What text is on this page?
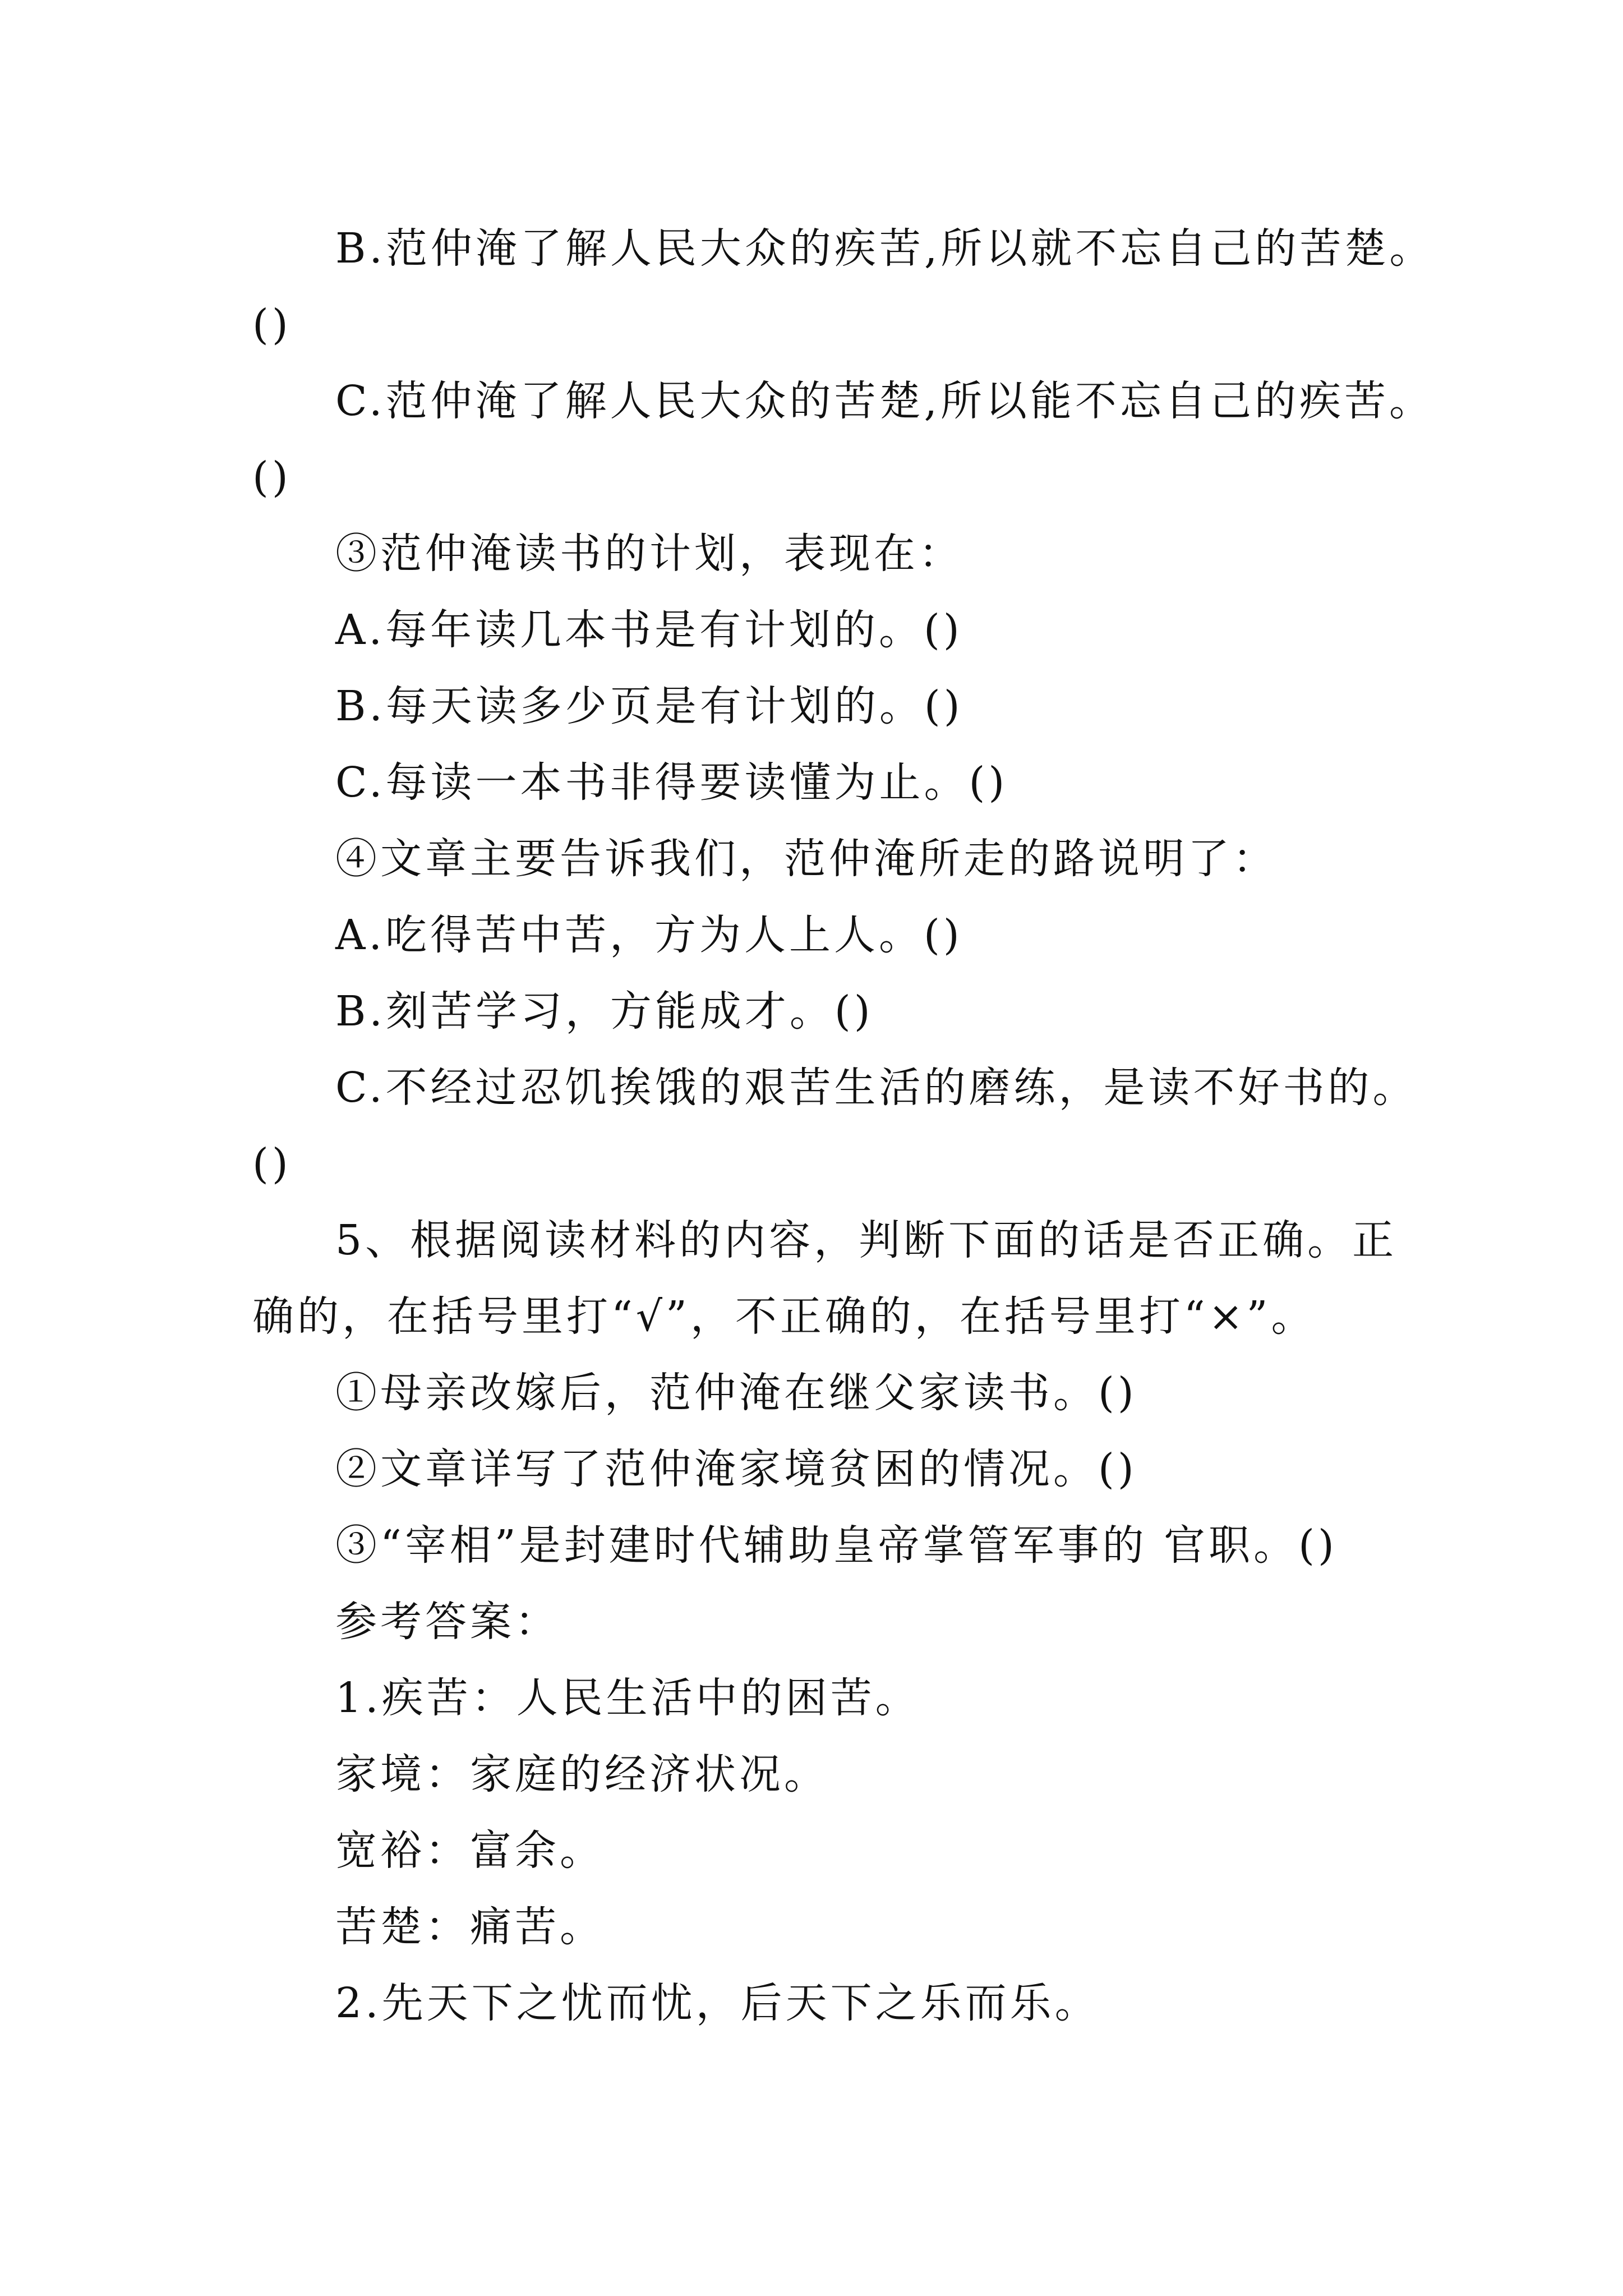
B.范仲淹了解人民大众的疾苦,所以就不忘自己的苦楚。
()
C.范仲淹了解人民大众的苦楚,所以能不忘自己的疾苦。
()
③范仲淹读书的计划，表现在：
A.每年读几本书是有计划的。()
B.每天读多少页是有计划的。()
C.每读一本书非得要读懂为止。()
④文章主要告诉我们，范仲淹所走的路说明了：
A.吃得苦中苦，方为人上人。()
B.刻苦学习，方能成才。()
C.不经过忍饥挨饿的艰苦生活的磨练，是读不好书的。
()
5、根据阅读材料的内容，判断下面的话是否正确。正
确的，在括号里打“√”，不正确的，在括号里打“×”。
①母亲改嫁后，范仲淹在继父家读书。()
②文章详写了范仲淹家境贫困的情况。()
③“宰相”是封建时代辅助皇帝掌管军事的 官职。()
参考答案：
1.疾苦：人民生活中的困苦。
家境：家庭的经济状况。
宽裕：富余。
苦楚：痛苦。
2.先天下之忧而忧，后天下之乐而乐。
